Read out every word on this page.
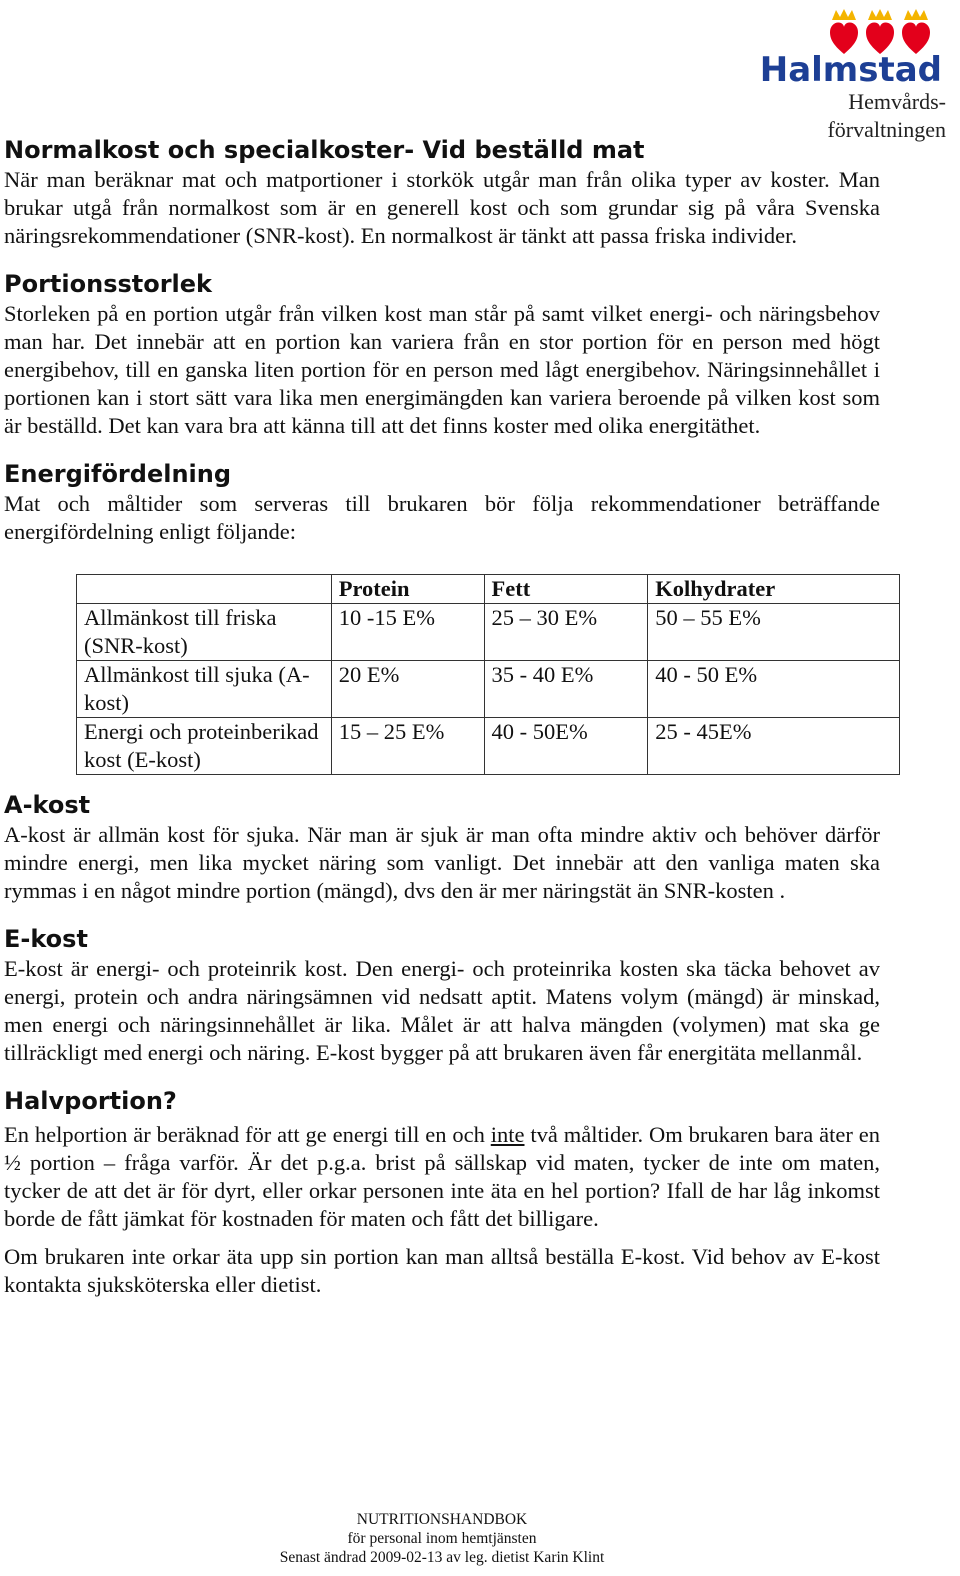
Halmstad
Hemvårds-
förvaltningen
Normalkost och specialkoster- Vid beställd mat

När man beräknar mat och matportioner i storkök utgår man från olika typer av koster. Man brukar utgå från normalkost som är en generell kost och som grundar sig på våra Svenska näringsrekommendationer (SNR-kost). En normalkost är tänkt att passa friska individer.

Portionsstorlek

Storleken på en portion utgår från vilken kost man står på samt vilket energi- och näringsbehov man har. Det innebär att en portion kan variera från en stor portion för en person med högt energibehov, till en ganska liten portion för en person med lågt energibehov. Näringsinnehållet i portionen kan i stort sätt vara lika men energimängden kan variera beroende på vilken kost som är beställd. Det kan vara bra att känna till att det finns koster med olika energitäthet.

Energifördelning

Mat och måltider som serveras till brukaren bör följa rekommendationer beträffande energifördelning enligt följande:

	Protein	Fett	Kolhydrater
Allmänkost till friska (SNR-kost)	10 -15 E%	25 – 30 E%	50 – 55 E%
Allmänkost till sjuka (A-kost)	20 E%	35 - 40 E%	40 - 50 E%
Energi och proteinberikad kost (E-kost)	15 – 25 E%	40 - 50E%	25 - 45E%
A-kost

A-kost är allmän kost för sjuka. När man är sjuk är man ofta mindre aktiv och behöver därför mindre energi, men lika mycket näring som vanligt. Det innebär att den vanliga maten ska rymmas i en något mindre portion (mängd), dvs den är mer näringstät än SNR-kosten .

E-kost

E-kost är energi- och proteinrik kost. Den energi- och proteinrika kosten ska täcka behovet av energi, protein och andra näringsämnen vid nedsatt aptit. Matens volym (mängd) är minskad, men energi och näringsinnehållet är lika. Målet är att halva mängden (volymen) mat ska ge tillräckligt med energi och näring. E-kost bygger på att brukaren även får energitäta mellanmål.

Halvportion?

En helportion är beräknad för att ge energi till en och inte två måltider. Om brukaren bara äter en ½ portion – fråga varför. Är det p.g.a. brist på sällskap vid maten, tycker de inte om maten, tycker de att det är för dyrt, eller orkar personen inte äta en hel portion? Ifall de har låg inkomst borde de fått jämkat för kostnaden för maten och fått det billigare.

Om brukaren inte orkar äta upp sin portion kan man alltså beställa E-kost. Vid behov av E-kost kontakta sjuksköterska eller dietist.

NUTRITIONSHANDBOK
för personal inom hemtjänsten
Senast ändrad 2009-02-13 av leg. dietist Karin Klint
